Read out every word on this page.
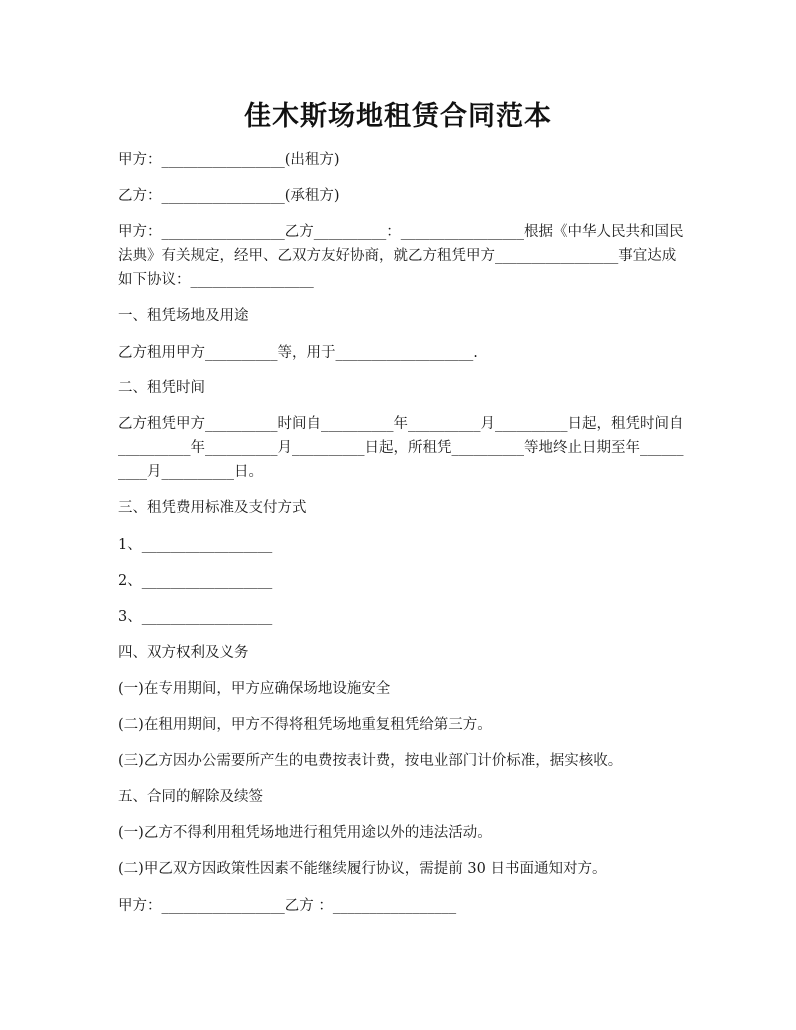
佳木斯场地租赁合同范本
甲方：_________________(出租方)
乙方：_________________(承租方)
甲方：_________________乙方__________：_________________根据《中华人民共和国民法典》有关规定，经甲、乙双方友好协商，就乙方租凭甲方_________________事宜达成如下协议：_________________
一、租凭场地及用途
乙方租用甲方__________等，用于___________________.
二、租凭时间
乙方租凭甲方__________时间自__________年__________月__________日起，租凭时间自__________年__________月__________日起，所租凭__________等地终止日期至年__________月__________日。
三、租凭费用标准及支付方式
1、__________________
2、__________________
3、__________________
四、双方权利及义务
(一)在专用期间，甲方应确保场地设施安全
(二)在租用期间，甲方不得将租凭场地重复租凭给第三方。
(三)乙方因办公需要所产生的电费按表计费，按电业部门计价标准，据实核收。
五、合同的解除及续签
(一)乙方不得利用租凭场地进行租凭用途以外的违法活动。
(二)甲乙双方因政策性因素不能继续履行协议，需提前 30 日书面通知对方。
甲方：_________________乙方 ：_________________
